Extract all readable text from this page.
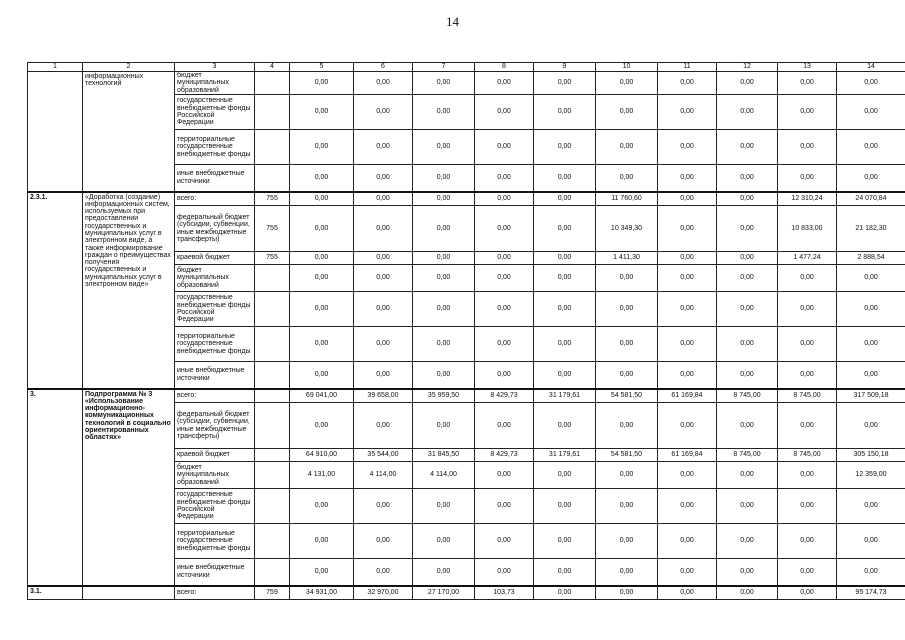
14
1	2	3	4	5	6	7	8	9	10	11	12	13	14
	информационных технологий	бюджет муниципальных образований		0,00	0,00	0,00	0,00	0,00	0,00	0,00	0,00	0,00	0,00
		государственные внебюджетные фонды Российской Федерации		0,00	0,00	0,00	0,00	0,00	0,00	0,00	0,00	0,00	0,00
		территориальные государственные внебюджетные фонды		0,00	0,00	0,00	0,00	0,00	0,00	0,00	0,00	0,00	0,00
		иные внебюджетные источники		0,00	0,00	0,00	0,00	0,00	0,00	0,00	0,00	0,00	0,00
2.3.1.	«Доработка (создание) информационных систем, используемых при предоставлении государственных и муниципальных услуг в электронном виде, а также информирование граждан о преимуществах получения государственных и муниципальных услуг в электронном виде»	всего:	755	0,00	0,00	0,00	0,00	0,00	11 760,60	0,00	0,00	12 310,24	24 070,84
		федеральный бюджет (субсидии, субвенции, иные межбюджетные трансферты)	755	0,00	0,00	0,00	0,00	0,00	10 349,30	0,00	0,00	10 833,00	21 182,30
		краевой бюджет	755	0,00	0,00	0,00	0,00	0,00	1 411,30	0,00	0,00	1 477,24	2 888,54
		бюджет муниципальных образований		0,00	0,00	0,00	0,00	0,00	0,00	0,00	0,00	0,00	0,00
		государственные внебюджетные фонды Российской Федерации		0,00	0,00	0,00	0,00	0,00	0,00	0,00	0,00	0,00	0,00
		территориальные государственные внебюджетные фонды		0,00	0,00	0,00	0,00	0,00	0,00	0,00	0,00	0,00	0,00
		иные внебюджетные источники		0,00	0,00	0,00	0,00	0,00	0,00	0,00	0,00	0,00	0,00
3.	Подпрограмма № 3 «Использование информационно-коммуникационных технологий в социально ориентированных областях»	всего:		69 041,00	39 658,00	35 959,50	8 429,73	31 179,61	54 581,50	61 169,84	8 745,00	8 745,00	317 509,18
		федеральный бюджет (субсидии, субвенции, иные межбюджетные трансферты)		0,00	0,00	0,00	0,00	0,00	0,00	0,00	0,00	0,00	0,00
		краевой бюджет		64 910,00	35 544,00	31 845,50	8 429,73	31 179,61	54 581,50	61 169,84	8 745,00	8 745,00	305 150,18
		бюджет муниципальных образований		4 131,00	4 114,00	4 114,00	0,00	0,00	0,00	0,00	0,00	0,00	12 359,00
		государственные внебюджетные фонды Российской Федерации		0,00	0,00	0,00	0,00	0,00	0,00	0,00	0,00	0,00	0,00
		территориальные государственные внебюджетные фонды		0,00	0,00	0,00	0,00	0,00	0,00	0,00	0,00	0,00	0,00
		иные внебюджетные источники		0,00	0,00	0,00	0,00	0,00	0,00	0,00	0,00	0,00	0,00
3.1.		всего:	759	34 931,00	32 970,00	27 170,00	103,73	0,00	0,00	0,00	0,00	0,00	95 174,73
